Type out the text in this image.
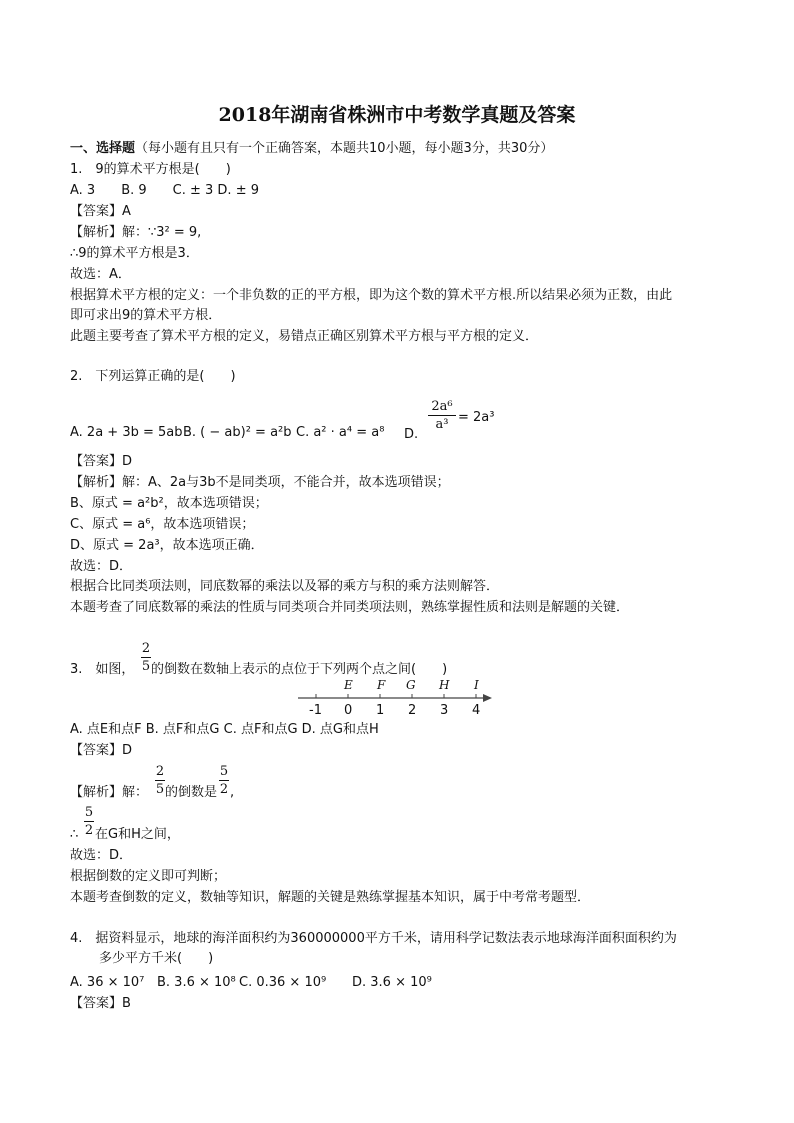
2018年湖南省株洲市中考数学真题及答案
一、选择题（每小题有且只有一个正确答案，本题共10小题，每小题3分，共30分）
1.　9的算术平方根是(　　)
A. 3　　B. 9　　C. ± 3 D. ± 9
【答案】A
【解析】解：∵3² = 9,
∴9的算术平方根是3．
故选：A．
根据算术平方根的定义：一个非负数的正的平方根，即为这个数的算术平方根.所以结果必须为正数，由此
即可求出9的算术平方根．
此题主要考查了算术平方根的定义，易错点正确区别算术平方根与平方根的定义．
2.　下列运算正确的是(　　)
A. 2a + 3b = 5ab B. ( − ab)² = a²b C. a² · a⁴ = a⁸ D.
2a⁶
a³ = 2a³
【答案】D
【解析】解：A、2a与3b不是同类项，不能合并，故本选项错误；
B、原式 = a²b²，故本选项错误；
C、原式 = a⁶，故本选项错误；
D、原式 = 2a³，故本选项正确．
故选：D．
根据合比同类项法则，同底数幂的乘法以及幂的乘方与积的乘方法则解答．
本题考查了同底数幂的乘法的性质与同类项合并同类项法则，熟练掌握性质和法则是解题的关键．
3.　如图，
2
5 的倒数在数轴上表示的点位于下列两个点之间(　　)
E F G H I
-1 0 1 2 3 4
A. 点E和点F B. 点F和点G C. 点F和点G D. 点G和点H
【答案】D
【解析】解：
2
5 的倒数是
5
2 ,
∴
5
2 在G和H之间，
故选：D．
根据倒数的定义即可判断；
本题考查倒数的定义，数轴等知识，解题的关键是熟练掌握基本知识，属于中考常考题型．
4.　据资料显示，地球的海洋面积约为360000000平方千米，请用科学记数法表示地球海洋面积面积约为
多少平方千米(　　)
A. 36 × 10⁷ B. 3.6 × 10⁸ C. 0.36 × 10⁹ D. 3.6 × 10⁹
【答案】B
